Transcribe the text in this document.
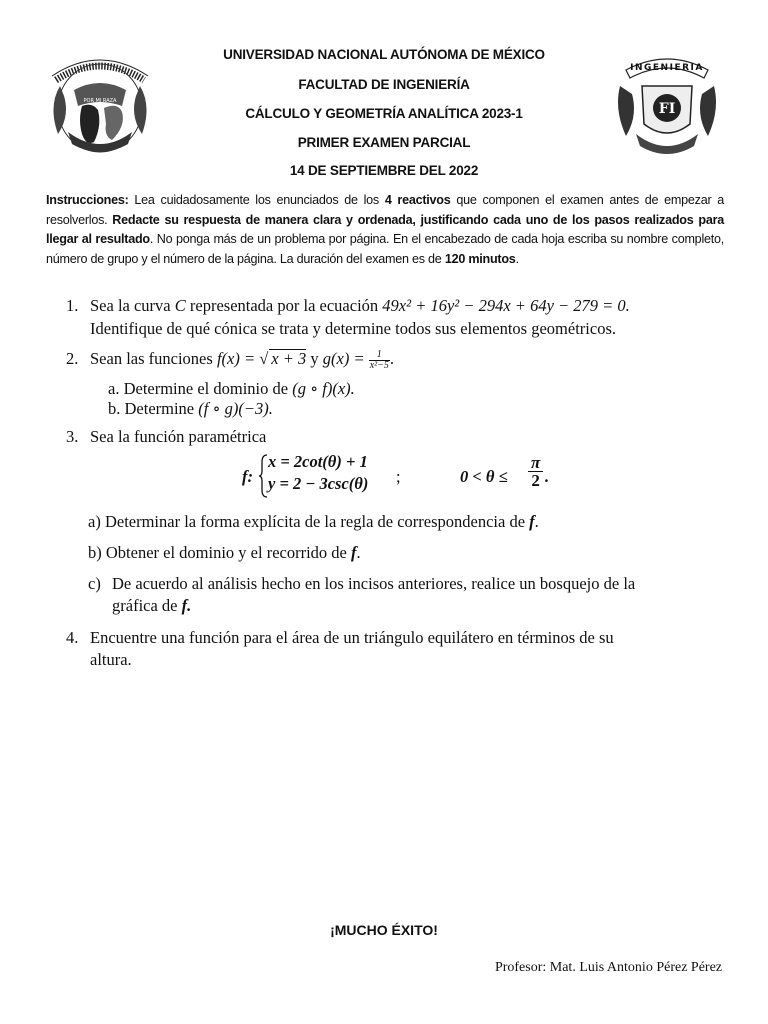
POR MI RAZA
INGENIERIA
FI
UNIVERSIDAD NACIONAL AUTÓNOMA DE MÉXICO
FACULTAD DE INGENIERÍA
CÁLCULO Y GEOMETRÍA ANALÍTICA 2023-1
PRIMER EXAMEN PARCIAL
14 DE SEPTIEMBRE DEL 2022
Instrucciones: Lea cuidadosamente los enunciados de los 4 reactivos que componen el examen antes de empezar a resolverlos. Redacte su respuesta de manera clara y ordenada, justificando cada uno de los pasos realizados para llegar al resultado. No ponga más de un problema por página. En el encabezado de cada hoja escriba su nombre completo, número de grupo y el número de la página. La duración del examen es de 120 minutos.
1. Sea la curva C representada por la ecuación 49x² + 16y² − 294x + 64y − 279 = 0.
Identifique de qué cónica se trata y determine todos sus elementos geométricos.
2. Sean las funciones f(x) = √ x + 3 y $g(x) = \frac{1}{\text{x²−5}}$ .
a. Determine el dominio de (g ∘ f)(x).
b. Determine (f ∘ g)(−3).
3. Sea la función paramétrica
f:
x = 2cot(θ) + 1
y = 2 − 3csc(θ) ;	$0 < \theta \le \frac{\pi}{2}$ .
a) Determinar la forma explícita de la regla de correspondencia de f.
b) Obtener el dominio y el recorrido de f.
c) De acuerdo al análisis hecho en los incisos anteriores, realice un bosquejo de la
gráfica de f.
4. Encuentre una función para el área de un triángulo equilátero en términos de su
altura.
¡MUCHO ÉXITO!
Profesor: Mat. Luis Antonio Pérez Pérez
